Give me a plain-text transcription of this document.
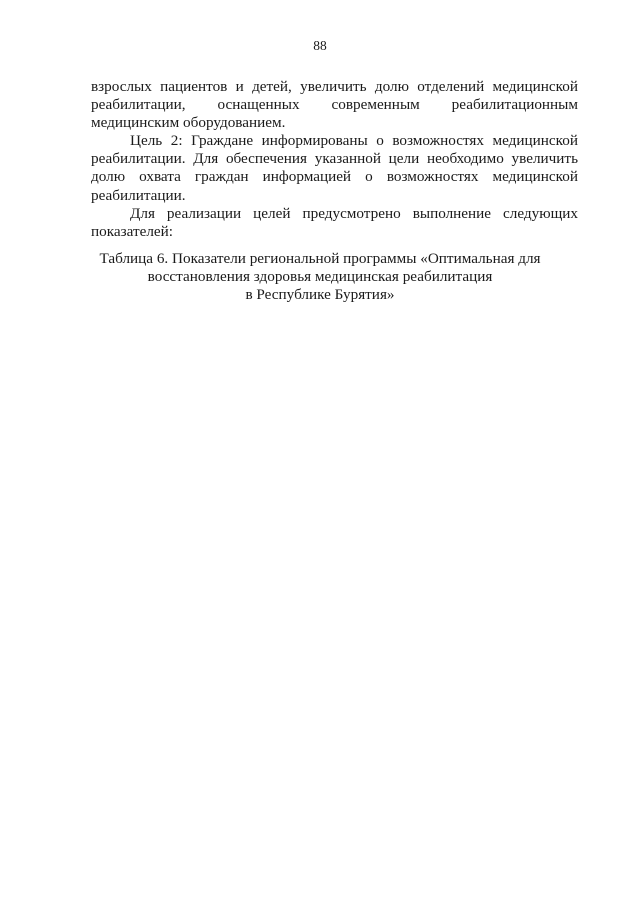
88
взрослых пациентов и детей, увеличить долю отделений медицинской
реабилитации, оснащенных современным реабилитационным
медицинским оборудованием.
Цель 2: Граждане информированы о возможностях медицинской
реабилитации. Для обеспечения указанной цели необходимо увеличить
долю охвата граждан информацией о возможностях медицинской
реабилитации.
Для реализации целей предусмотрено выполнение следующих
показателей:
Таблица 6. Показатели региональной программы «Оптимальная для
восстановления здоровья медицинская реабилитация
в Республике Бурятия»
